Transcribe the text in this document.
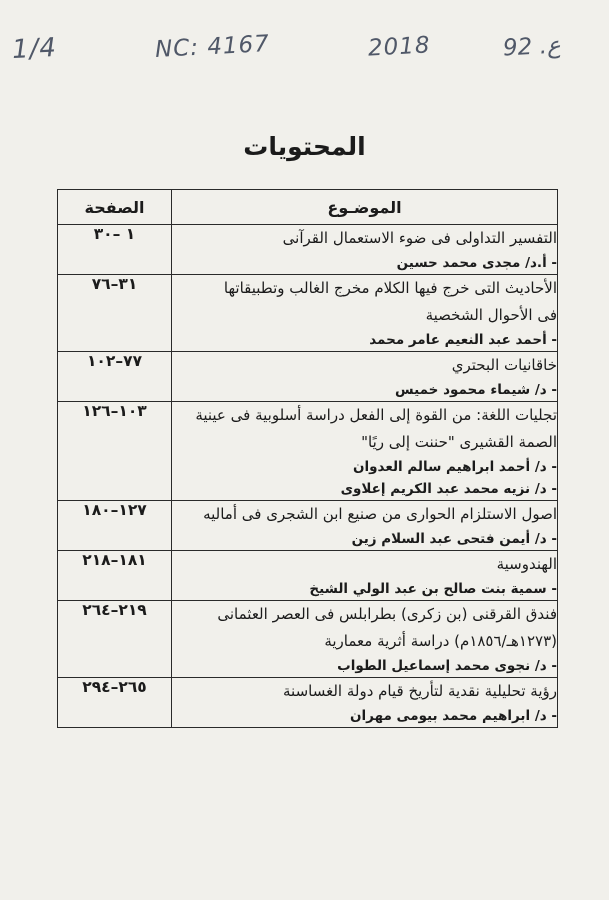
1/4	NC: 4167	2018	ع. 92
المحتويات
الموضـوع	الصفحة

التفسير التداولى فى ضوء الاستعمال القرآنى
- أ.د/ مجدى محمد حسين	١ –٣٠

الأحاديث التى خرج فيها الكلام مخرج الغالب وتطبيقاتها
فى الأحوال الشخصية
- أحمد عبد النعيم عامر محمد	٣١–٧٦

خاقانيات البحتري
- د/ شيماء محمود خميس	٧٧–١٠٢

تجليات اللغة: من القوة إلى الفعل دراسة أسلوبية فى عينية
الصمة القشيرى "حننت إلى ريًا"
- د/ أحمد ابراهيم سالم العدوان
- د/ نزيه محمد عبد الكريم إعلاوى	١٠٣–١٢٦

اصول الاستلزام الحوارى من صنيع ابن الشجرى فى أماليه
- د/ أيمن فتحى عبد السلام زين	١٢٧–١٨٠

الهندوسية
- سمية بنت صالح بن عبد الولي الشيخ	١٨١–٢١٨

فندق القرقنى (بن زكرى) بطرابلس فى العصر العثمانى
(١٢٧٣هـ/١٨٥٦م) دراسة أثرية معمارية
- د/ نجوى محمد إسماعيل الطواب	٢١٩–٢٦٤

رؤية تحليلية نقدية لتأريخ قيام دولة الغساسنة
- د/ ابراهيم محمد بيومى مهران	٢٦٥–٢٩٤
